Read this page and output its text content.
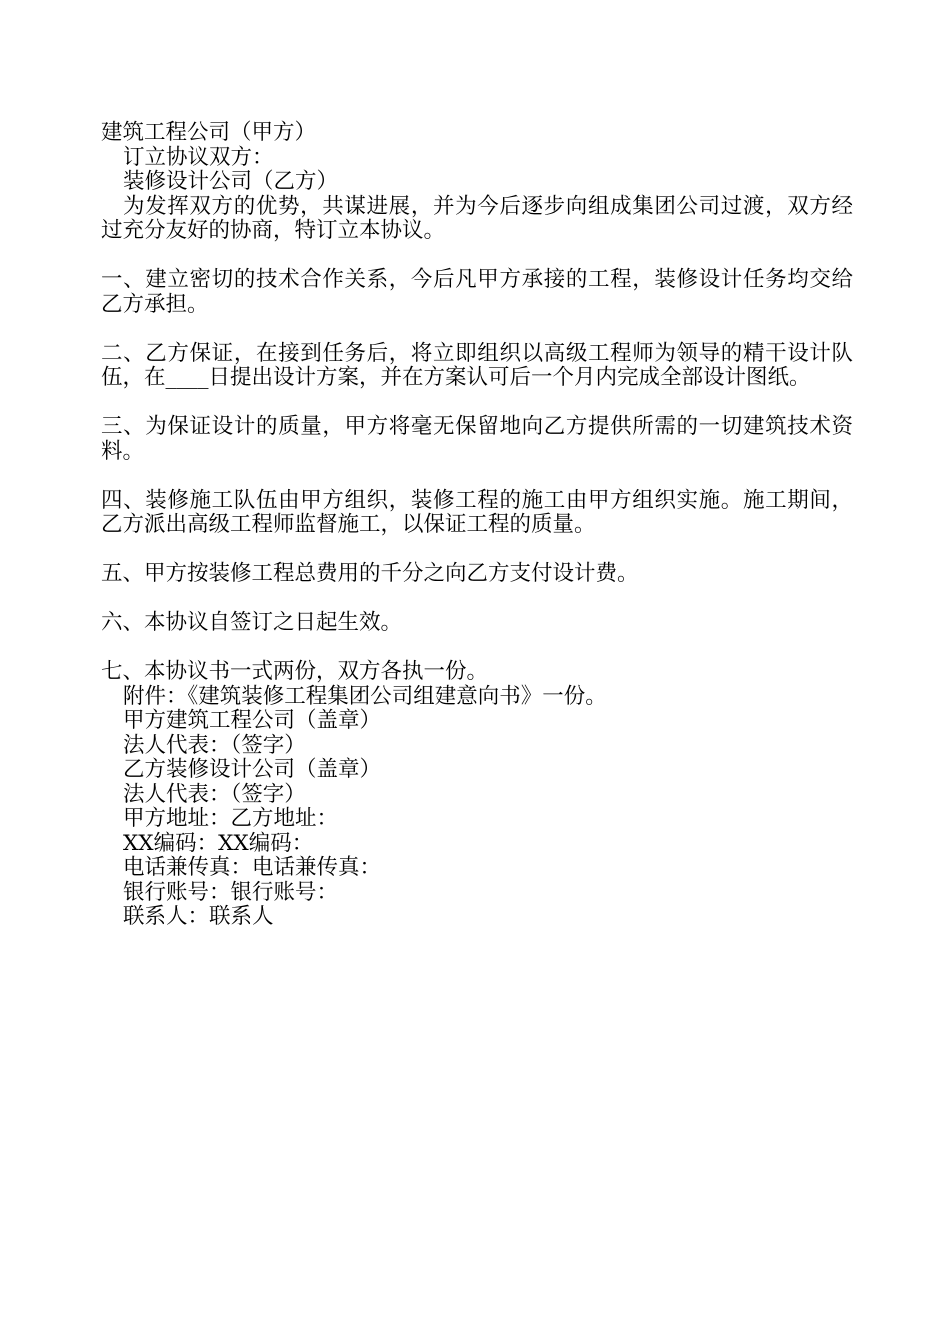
建筑工程公司（甲方）
订立协议双方：
装修设计公司（乙方）

为发挥双方的优势，共谋进展，并为今后逐步向组成集团公司过渡，双方经过充分友好的协商，特订立本协议。

一、建立密切的技术合作关系，今后凡甲方承接的工程，装修设计任务均交给乙方承担。

二、乙方保证，在接到任务后，将立即组织以高级工程师为领导的精干设计队伍，在____日提出设计方案，并在方案认可后一个月内完成全部设计图纸。

三、为保证设计的质量，甲方将毫无保留地向乙方提供所需的一切建筑技术资料。

四、装修施工队伍由甲方组织，装修工程的施工由甲方组织实施。施工期间，乙方派出高级工程师监督施工，以保证工程的质量。

五、甲方按装修工程总费用的千分之向乙方支付设计费。

六、本协议自签订之日起生效。

七、本协议书一式两份，双方各执一份。

附件：《建筑装修工程集团公司组建意向书》一份。
甲方建筑工程公司（盖章）
法人代表：（签字）
乙方装修设计公司（盖章）
法人代表：（签字）
甲方地址：乙方地址：
XX编码：XX编码：
电话兼传真：电话兼传真：
银行账号：银行账号：
联系人：联系人
